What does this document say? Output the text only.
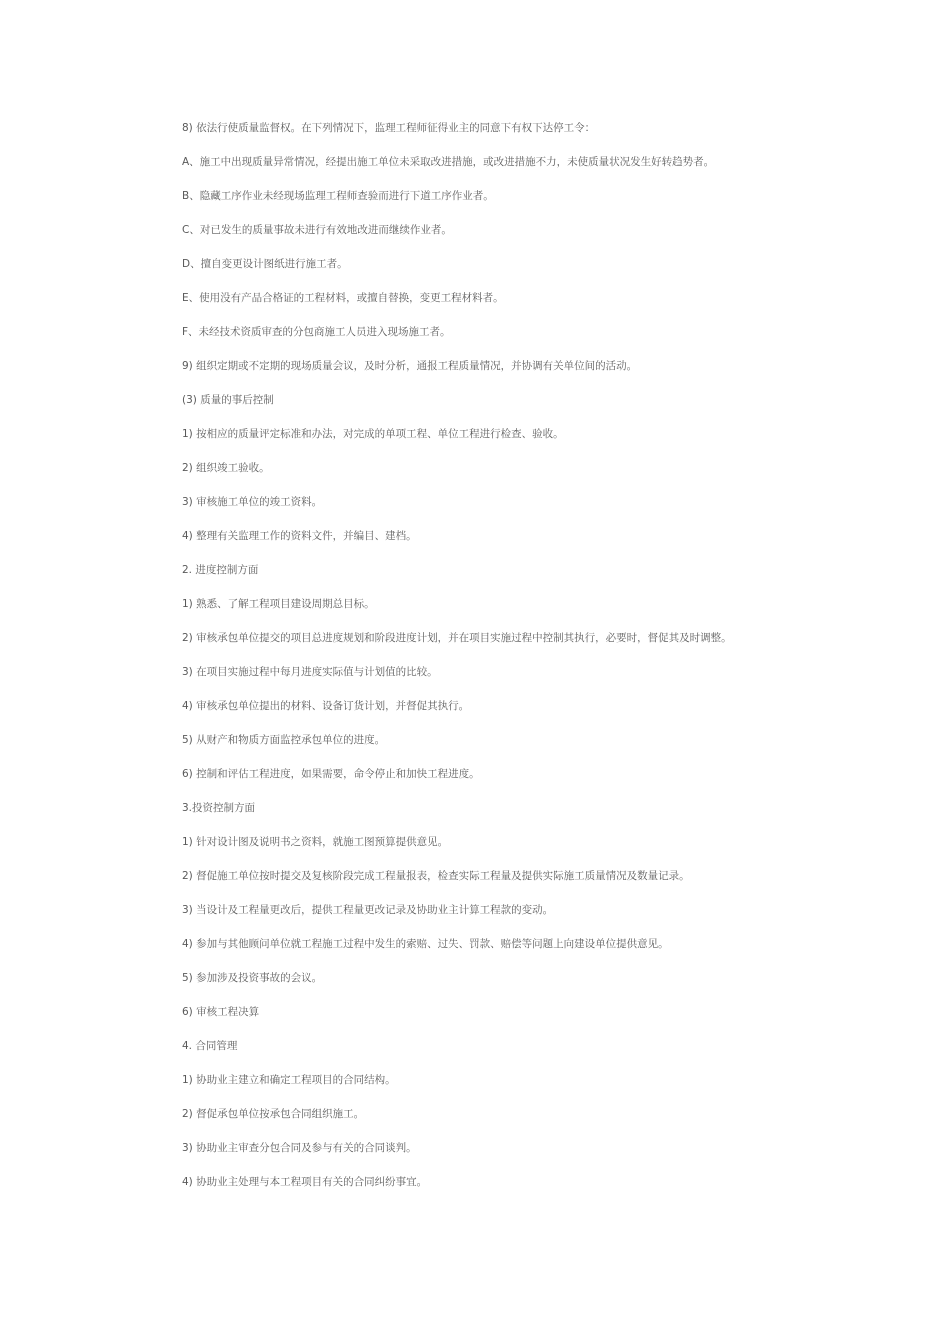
8) 依法行使质量监督权。在下列情况下，监理工程师征得业主的同意下有权下达停工令：
A、施工中出现质量异常情况，经提出施工单位未采取改进措施，或改进措施不力，未使质量状况发生好转趋势者。
B、隐藏工序作业未经现场监理工程师查验而进行下道工序作业者。
C、对已发生的质量事故未进行有效地改进而继续作业者。
D、擅自变更设计图纸进行施工者。
E、使用没有产品合格证的工程材料，或擅自替换，变更工程材料者。
F、未经技术资质审查的分包商施工人员进入现场施工者。
9) 组织定期或不定期的现场质量会议，及时分析，通报工程质量情况，并协调有关单位间的活动。
(3) 质量的事后控制
1) 按相应的质量评定标准和办法，对完成的单项工程、单位工程进行检查、验收。
2) 组织竣工验收。
3) 审核施工单位的竣工资料。
4) 整理有关监理工作的资料文件，并编目、建档。
2. 进度控制方面
1) 熟悉、了解工程项目建设周期总目标。
2) 审核承包单位提交的项目总进度规划和阶段进度计划，并在项目实施过程中控制其执行，必要时，督促其及时调整。
3) 在项目实施过程中每月进度实际值与计划值的比较。
4) 审核承包单位提出的材料、设备订货计划，并督促其执行。
5) 从财产和物质方面监控承包单位的进度。
6) 控制和评估工程进度，如果需要，命令停止和加快工程进度。
3.投资控制方面
1) 针对设计图及说明书之资料，就施工图预算提供意见。
2) 督促施工单位按时提交及复核阶段完成工程量报表，检查实际工程量及提供实际施工质量情况及数量记录。
3) 当设计及工程量更改后，提供工程量更改记录及协助业主计算工程款的变动。
4) 参加与其他顾问单位就工程施工过程中发生的索赔、过失、罚款、赔偿等问题上向建设单位提供意见。
5) 参加涉及投资事故的会议。
6) 审核工程决算
4. 合同管理
1) 协助业主建立和确定工程项目的合同结构。
2) 督促承包单位按承包合同组织施工。
3) 协助业主审查分包合同及参与有关的合同谈判。
4) 协助业主处理与本工程项目有关的合同纠纷事宜。
